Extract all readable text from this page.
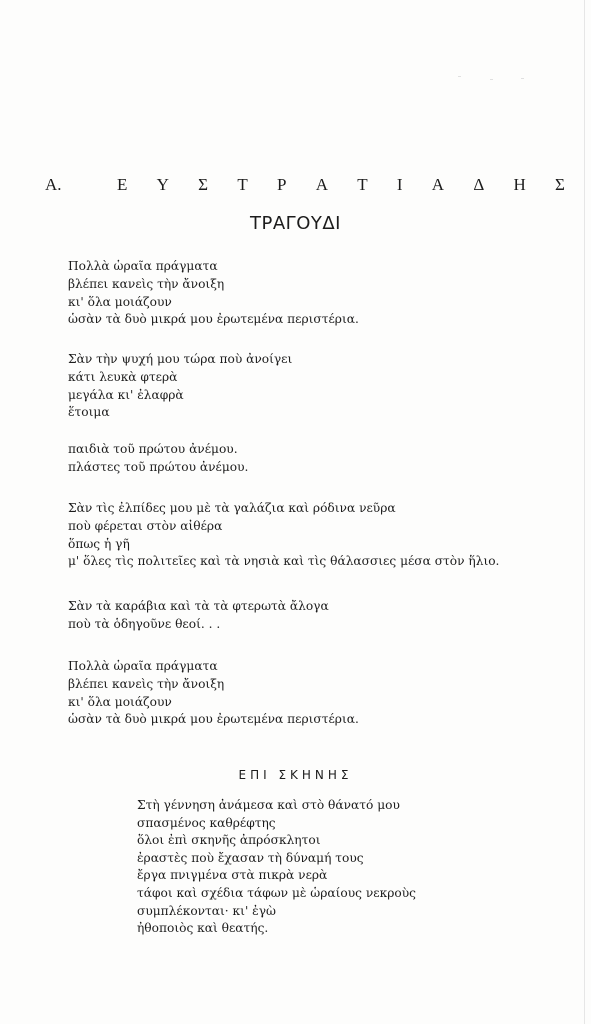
Α.	Ε Υ Σ Τ Ρ Α Τ Ι Α Δ Η Σ
ΤΡΑΓΟΥΔΙ
Πολλὰ ὡραῖα πράγματα
βλέπει κανεὶς τὴν ἄνοιξη
κι' ὅλα μοιάζουν
ὡσὰν τὰ δυὸ μικρά μου ἐρωτεμένα περιστέρια.
Σὰν τὴν ψυχή μου τώρα ποὺ ἀνοίγει
κάτι λευκὰ φτερὰ
μεγάλα κι' ἐλαφρὰ
ἕτοιμα
παιδιὰ τοῦ πρώτου ἀνέμου.
πλάστες τοῦ πρώτου ἀνέμου.
Σὰν τὶς ἐλπίδες μου μὲ τὰ γαλάζια καὶ ρόδινα νεῦρα
ποὺ φέρεται στὸν αἰθέρα
ὅπως ἡ γῆ
μ' ὅλες τὶς πολιτεῖες καὶ τὰ νησιὰ καὶ τὶς θάλασσιες μέσα στὸν ἥλιο.
Σὰν τὰ καράβια καὶ τὰ τὰ φτερωτὰ ἄλογα
ποὺ τὰ ὁδηγοῦνε θεοί. . .
Πολλὰ ὡραῖα πράγματα
βλέπει κανεὶς τὴν ἄνοιξη
κι' ὅλα μοιάζουν
ὡσὰν τὰ δυὸ μικρά μου ἐρωτεμένα περιστέρια.
ΕΠΙ ΣΚΗΝΗΣ
Στὴ γέννηση ἀνάμεσα καὶ στὸ θάνατό μου
σπασμένος καθρέφτης
ὅλοι ἐπὶ σκηνῆς ἀπρόσκλητοι
ἐραστὲς ποὺ ἔχασαν τὴ δύναμή τους
ἔργα πνιγμένα στὰ πικρὰ νερὰ
τάφοι καὶ σχέδια τάφων μὲ ὡραίους νεκροὺς
συμπλέκονται· κι' ἐγὼ
ἠθοποιὸς καὶ θεατής.
